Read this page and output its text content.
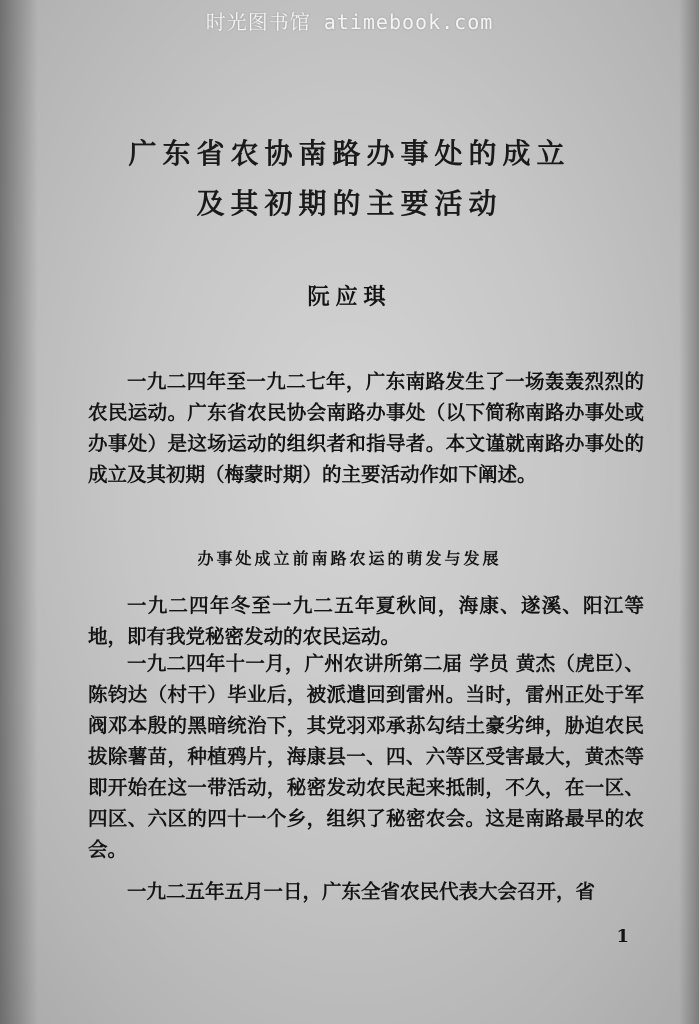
时光图书馆 atimebook.com
广东省农协南路办事处的成立
及其初期的主要活动
阮应琪

一九二四年至一九二七年，广东南路发生了一场轰轰烈烈的农民运动。广东省农民协会南路办事处（以下简称南路办事处或办事处）是这场运动的组织者和指导者。本文谨就南路办事处的成立及其初期（梅蒙时期）的主要活动作如下阐述。

办事处成立前南路农运的萌发与发展

一九二四年冬至一九二五年夏秋间，海康、遂溪、阳江等地，即有我党秘密发动的农民运动。

一九二四年十一月，广州农讲所第二届 学员 黄杰（虎臣）、陈钧达（村干）毕业后，被派遣回到雷州。当时，雷州正处于军阀邓本殷的黑暗统治下，其党羽邓承荪勾结土豪劣绅，胁迫农民拔除薯苗，种植鸦片，海康县一、四、六等区受害最大，黄杰等即开始在这一带活动，秘密发动农民起来抵制，不久，在一区、四区、六区的四十一个乡，组织了秘密农会。这是南路最早的农会。

一九二五年五月一日，广东全省农民代表大会召开，省

1
